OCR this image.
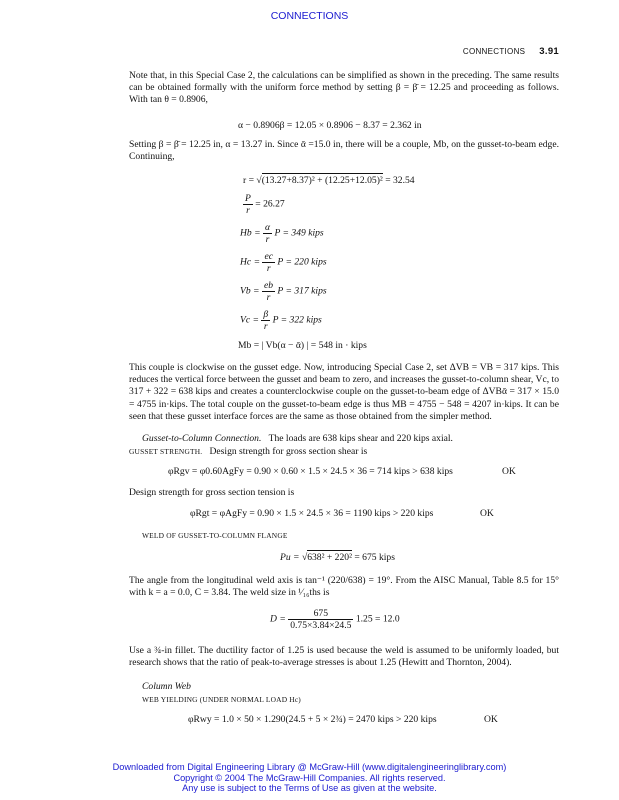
CONNECTIONS
CONNECTIONS 3.91
Note that, in this Special Case 2, the calculations can be simplified as shown in the preceding. The same results can be obtained formally with the uniform force method by setting β = β̄ = 12.25 and proceeding as follows. With tan θ = 0.8906,
α − 0.8906β = 12.05 × 0.8906 − 8.37 = 2.362 in
Setting β = β̄ = 12.25 in, α = 13.27 in. Since ᾱ =15.0 in, there will be a couple, Mb, on the gusset-to-beam edge. Continuing,
r = √(13.27+8.37)² + (12.25+12.05)² = 32.54
$\frac{P}{r} = 26.27$
$Hb = \frac{\alpha}{r}$ P = 349 kips
$Hc = \frac{ec}{r}$ P = 220 kips
$Vb = \frac{eb}{r}$ P = 317 kips
$Vc = \frac{\beta}{r}$ P = 322 kips
Mb = | Vb(α − ᾱ) | = 548 in · kips
This couple is clockwise on the gusset edge. Now, introducing Special Case 2, set ΔVB = VB = 317 kips. This reduces the vertical force between the gusset and beam to zero, and increases the gusset-to-column shear, Vc, to 317 + 322 = 638 kips and creates a counterclockwise couple on the gusset-to-beam edge of ΔVBᾱ = 317 × 15.0 = 4755 in·kips. The total couple on the gusset-to-beam edge is thus MB = 4755 − 548 = 4207 in·kips. It can be seen that these gusset interface forces are the same as those obtained from the simpler method.
Gusset-to-Column Connection. The loads are 638 kips shear and 220 kips axial.
GUSSET STRENGTH. Design strength for gross section shear is
φRgv = φ0.60AgFy = 0.90 × 0.60 × 1.5 × 24.5 × 36 = 714 kips > 638 kips	OK
Design strength for gross section tension is
φRgt = φAgFy = 0.90 × 1.5 × 24.5 × 36 = 1190 kips > 220 kips	OK
WELD OF GUSSET-TO-COLUMN FLANGE
Pu = √638² + 220² = 675 kips
The angle from the longitudinal weld axis is tan⁻¹ (220/638) = 19°. From the AISC Manual, Table 8.5 for 15° with k = a = 0.0, C = 3.84. The weld size in ¹⁄₁₆ths is
$D = \frac{675}{0.75\times 3.84\times 24.5} 1.25 = 12.0$
Use a ¾-in fillet. The ductility factor of 1.25 is used because the weld is assumed to be uniformly loaded, but research shows that the ratio of peak-to-average stresses is about 1.25 (Hewitt and Thornton, 2004).
Column Web
WEB YIELDING (UNDER NORMAL LOAD Hc)
φRwy = 1.0 × 50 × 1.290(24.5 + 5 × 2¾) = 2470 kips > 220 kips	OK
Downloaded from Digital Engineering Library @ McGraw-Hill (www.digitalengineeringlibrary.com)
Copyright © 2004 The McGraw-Hill Companies. All rights reserved.
Any use is subject to the Terms of Use as given at the website.
